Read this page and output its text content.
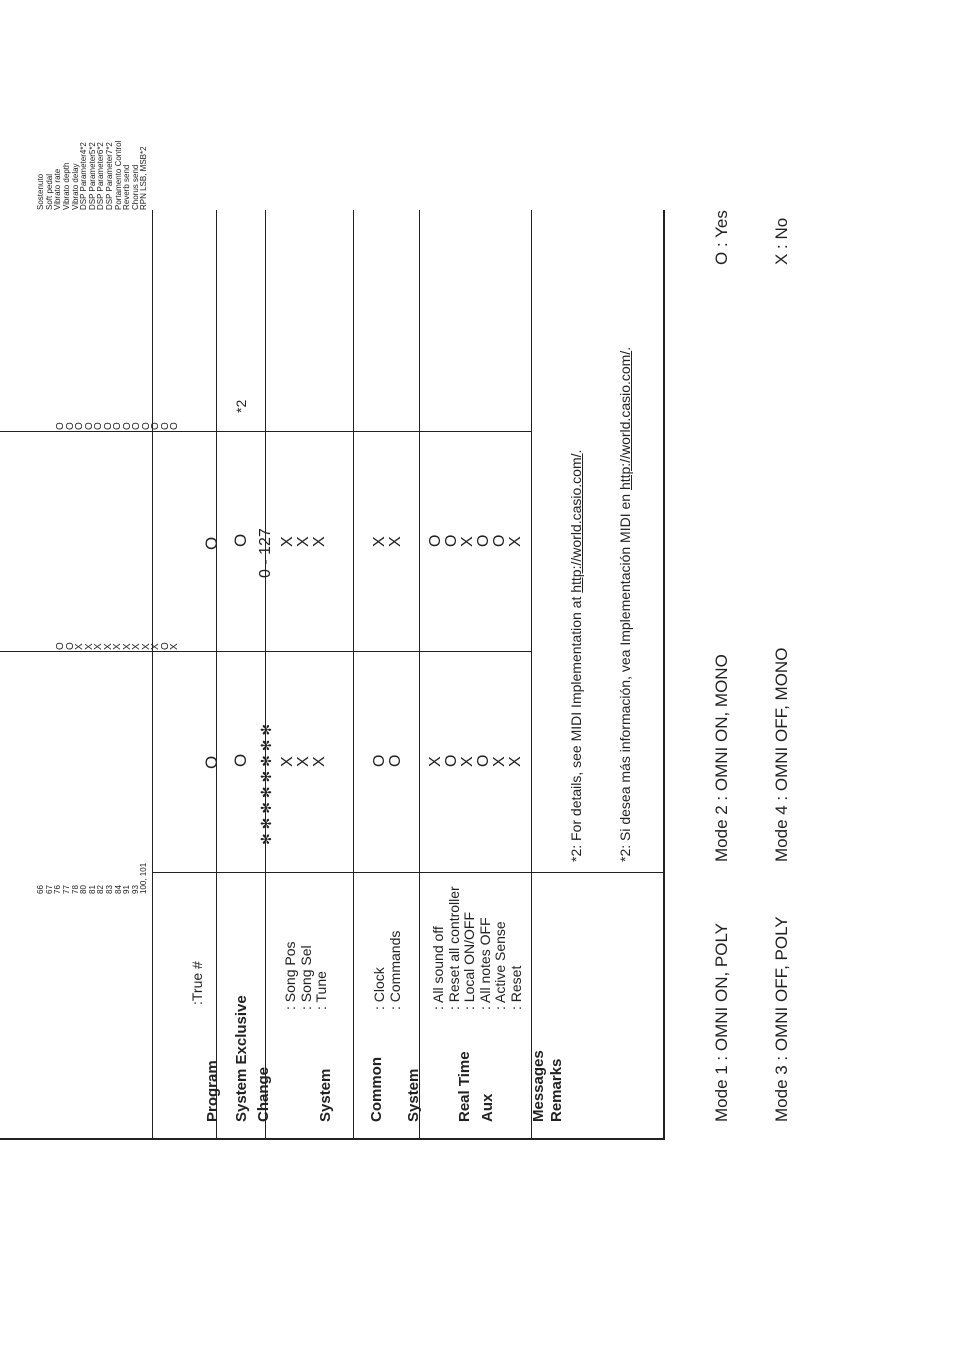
66 67 76 77 78 80 81 82 83 84 91 93 100, 101

O
O
X
X
X
X
X
X
X
X
X
O
X

O
O
O
O
O
O
O
O
O
O
O
O
O

Sostenuto Soft pedal Vibrato rate Vibrato depth Vibrato delay DSP Parameter4*2 DSP Parameter5*2 DSP Parameter6*2 DSP Parameter7*2 Portamento Control Reverb send Chorus send RPN LSB, MSB*2

Program

Change

:True #

O

	✻ ✻ ✻ ✻ ✻ ✻ ✻ ✻

O

0 - 127

System Exclusive
O
O
*2

System

Common

: Song Pos : Song Sel : Tune
X X X
X X X

System

Real Time

: Clock : Commands
O O
X X

Aux

Messages

: All sound off : Reset all controller : Local ON/OFF : All notes OFF : Active Sense : Reset
X O X O X X
O O X O O X
Remarks

*2: For details, see MIDI Implementation at http://world.casio.com/.

*2: Si desea más información, vea Implementación MIDI en http://world.casio.com/.

Mode 1 : OMNI ON, POLY

Mode 3 : OMNI OFF, POLY

Mode 2 : OMNI ON, MONO

Mode 4 : OMNI OFF, MONO

O : Yes

X : No
